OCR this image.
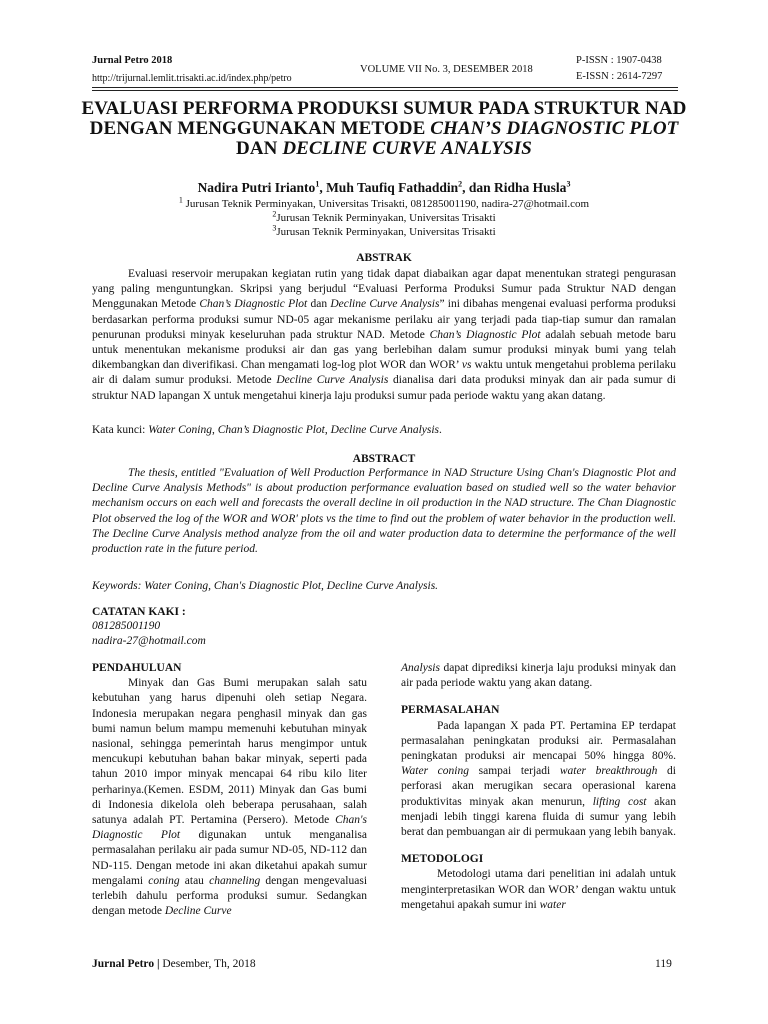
Jurnal Petro 2018
http://trijurnal.lemlit.trisakti.ac.id/index.php/petro
VOLUME VII No. 3, DESEMBER 2018
P-ISSN : 1907-0438
E-ISSN : 2614-7297
EVALUASI PERFORMA PRODUKSI SUMUR PADA STRUKTUR NAD
DENGAN MENGGUNAKAN METODE CHAN’S DIAGNOSTIC PLOT
DAN DECLINE CURVE ANALYSIS
Nadira Putri Irianto$^1$, Muh Taufiq Fathaddin$^2$, dan Ridha Husla$^3$
$^1$ Jurusan Teknik Perminyakan, Universitas Trisakti, 081285001190, nadira-27@hotmail.com
$^2$Jurusan Teknik Perminyakan, Universitas Trisakti
$^3$Jurusan Teknik Perminyakan, Universitas Trisakti
ABSTRAK
Evaluasi reservoir merupakan kegiatan rutin yang tidak dapat diabaikan agar dapat menentukan strategi pengurasan yang paling menguntungkan. Skripsi yang berjudul “Evaluasi Performa Produksi Sumur pada Struktur NAD dengan Menggunakan Metode Chan’s Diagnostic Plot dan Decline Curve Analysis” ini dibahas mengenai evaluasi performa produksi berdasarkan performa produksi sumur ND-05 agar mekanisme perilaku air yang terjadi pada tiap-tiap sumur dan ramalan penurunan produksi minyak keseluruhan pada struktur NAD. Metode Chan’s Diagnostic Plot adalah sebuah metode baru untuk menentukan mekanisme produksi air dan gas yang berlebihan dalam sumur produksi minyak bumi yang telah dikembangkan dan diverifikasi. Chan mengamati log-log plot WOR dan WOR’ vs waktu untuk mengetahui problema perilaku air di dalam sumur produksi. Metode Decline Curve Analysis dianalisa dari data produksi minyak dan air pada sumur di struktur NAD lapangan X untuk mengetahui kinerja laju produksi sumur pada periode waktu yang akan datang.
Kata kunci: Water Coning, Chan’s Diagnostic Plot, Decline Curve Analysis.
ABSTRACT
The thesis, entitled "Evaluation of Well Production Performance in NAD Structure Using Chan's Diagnostic Plot and Decline Curve Analysis Methods" is about production performance evaluation based on studied well so the water behavior mechanism occurs on each well and forecasts the overall decline in oil production in the NAD structure. The Chan Diagnostic Plot observed the log of the WOR and WOR' plots vs the time to find out the problem of water behavior in the production well. The Decline Curve Analysis method analyze from the oil and water production data to determine the performance of the well production rate in the future period.
Keywords: Water Coning, Chan's Diagnostic Plot, Decline Curve Analysis.
CATATAN KAKI :
081285001190
nadira-27@hotmail.com
PENDAHULUAN
Minyak dan Gas Bumi merupakan salah satu kebutuhan yang harus dipenuhi oleh setiap Negara. Indonesia merupakan negara penghasil minyak dan gas bumi namun belum mampu memenuhi kebutuhan minyak nasional, sehingga pemerintah harus mengimpor untuk mencukupi kebutuhan bahan bakar minyak, seperti pada tahun 2010 impor minyak mencapai 64 ribu kilo liter perharinya.(Kemen. ESDM, 2011) Minyak dan Gas bumi di Indonesia dikelola oleh beberapa perusahaan, salah satunya adalah PT. Pertamina (Persero). Metode Chan's Diagnostic Plot digunakan untuk menganalisa permasalahan perilaku air pada sumur ND-05, ND-112 dan ND-115. Dengan metode ini akan diketahui apakah sumur mengalami coning atau channeling dengan mengevaluasi terlebih dahulu performa produksi sumur. Sedangkan dengan metode Decline Curve
Analysis dapat diprediksi kinerja laju produksi minyak dan air pada periode waktu yang akan datang.
PERMASALAHAN
Pada lapangan X pada PT. Pertamina EP terdapat permasalahan peningkatan produksi air. Permasalahan peningkatan produksi air mencapai 50% hingga 80%. Water coning sampai terjadi water breakthrough di perforasi akan merugikan secara operasional karena produktivitas minyak akan menurun, lifting cost akan menjadi lebih tinggi karena fluida di sumur yang lebih berat dan pembuangan air di permukaan yang lebih banyak.
METODOLOGI
Metodologi utama dari penelitian ini adalah untuk menginterpretasikan WOR dan WOR’ dengan waktu untuk mengetahui apakah sumur ini water
Jurnal Petro | Desember, Th, 2018	119
